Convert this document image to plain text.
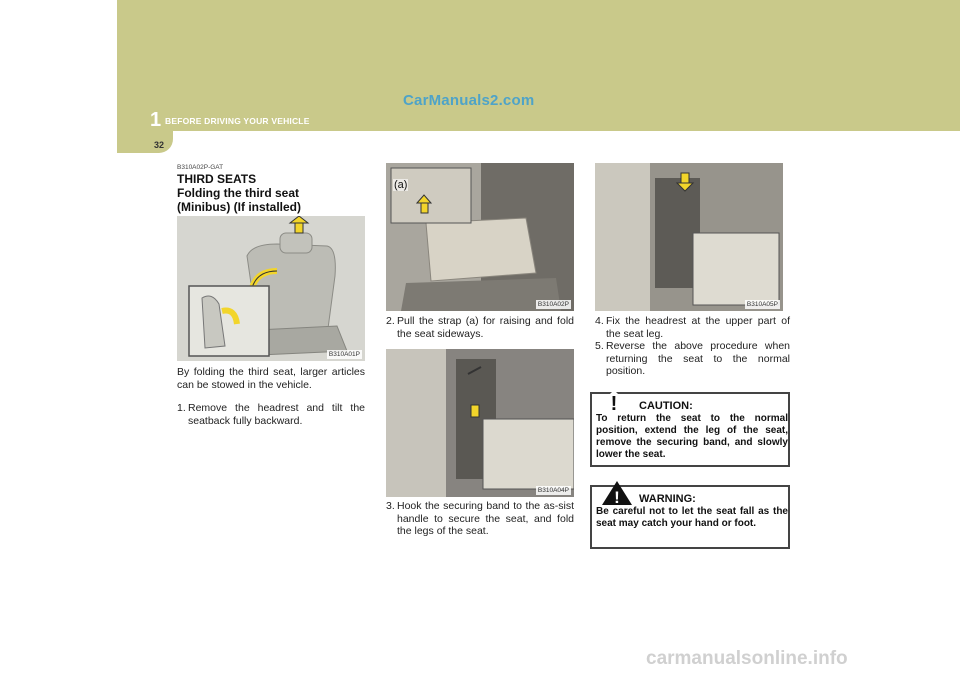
CarManuals2.com
1 BEFORE DRIVING YOUR VEHICLE
32
B310A02P-GAT
THIRD SEATS
Folding the third seat
(Minibus) (If installed)
B310A01P
By folding the third seat, larger articles can be stowed in the vehicle.
1. Remove the headrest and tilt the seatback fully backward.
B310A02P
(a)
2. Pull the strap (a) for raising and fold the seat sideways.
B310A04P
3. Hook the securing band to the as-sist handle to secure the seat, and fold the legs of the seat.
B310A05P
4. Fix the headrest at the upper part of the seat leg.
5. Reverse the above procedure when returning the seat to the normal position.
! CAUTION:
To return the seat to the normal position, extend the leg of the seat, remove the securing band, and slowly lower the seat.
! WARNING:
Be careful not to let the seat fall as the seat may catch your hand or foot.
carmanualsonline.info
